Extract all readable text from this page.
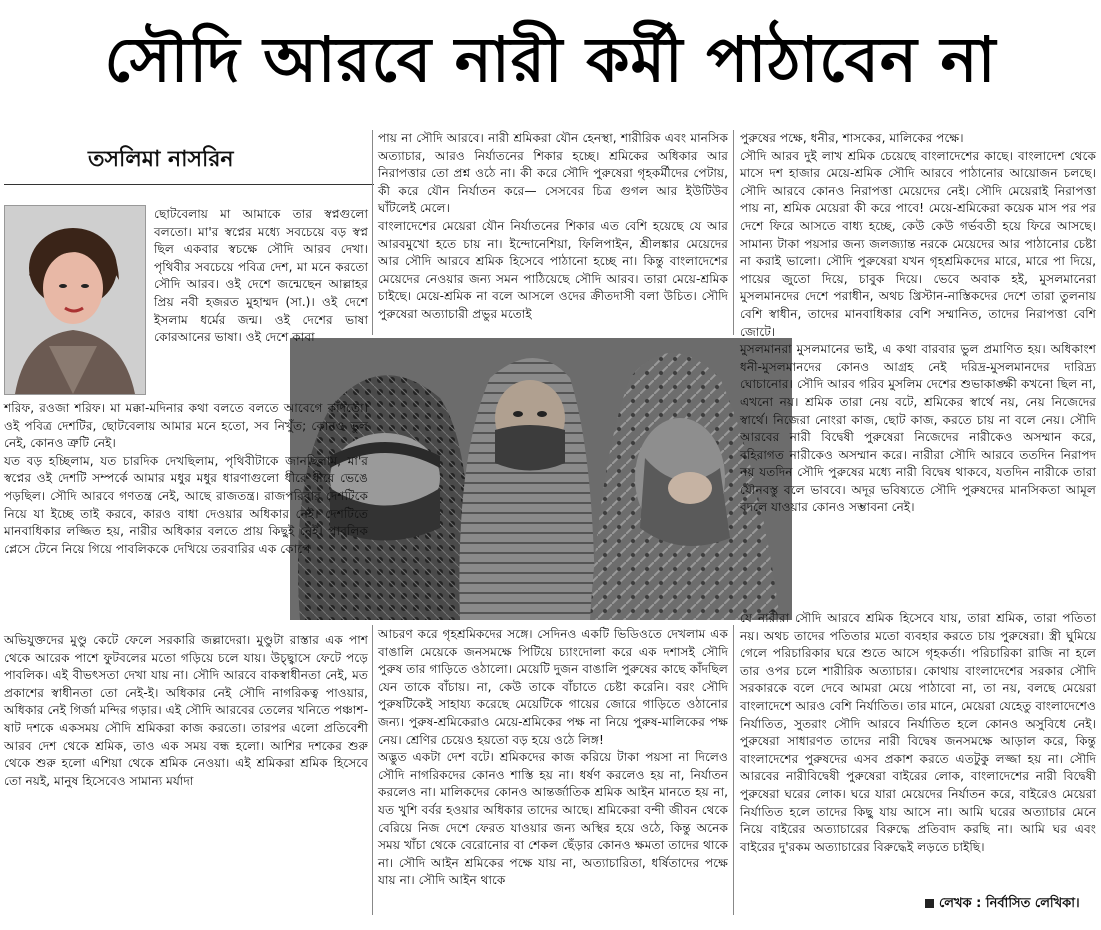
সৌদি আরবে নারী কর্মী পাঠাবেন না
তসলিমা নাসরিন

ছোটবেলায় মা আমাকে তার স্বপ্নগুলো বলতো। মা'র স্বপ্নের মধ্যে সবচেয়ে বড় স্বপ্ন ছিল একবার স্বচক্ষে সৌদি আরব দেখা। পৃথিবীর সবচেয়ে পবিত্র দেশ, মা মনে করতো সৌদি আরব। ওই দেশে জন্মেছেন আল্লাহর প্রিয় নবী হজরত মুহাম্মদ (সা.)। ওই দেশে ইসলাম ধর্মের জন্ম। ওই দেশের ভাষা কোরআনের ভাষা। ওই দেশে কাবা

শরিফ, রওজা শরিফ। মা মক্কা-মদিনার কথা বলতে বলতে আবেগে কাঁদতো। ওই পবিত্র দেশটির, ছোটবেলায় আমার মনে হতো, সব নিখুঁত; কোনও ভুল নেই, কোনও ত্রুটি নেই।

যত বড় হচ্ছিলাম, যত চারদিক দেখছিলাম, পৃথিবীটাকে জানছিলাম, মা'র স্বপ্নের ওই দেশটি সম্পর্কে আমার মধুর মধুর ধারণাগুলো ধীরে ধীরে ভেঙে পড়ছিল। সৌদি আরবে গণতন্ত্র নেই, আছে রাজতন্ত্র। রাজপরিবার দেশটিকে নিয়ে যা ইচ্ছে তাই করবে, কারও বাধা দেওয়ার অধিকার নেই। দেশটিতে মানবাধিকার লজ্জিত হয়, নারীর অধিকার বলতে প্রায় কিছুই নেই। পাবলিক প্লেসে টেনে নিয়ে গিয়ে পাবলিককে দেখিয়ে তরবারির এক কোপে

অভিযুক্তদের মুণ্ডু কেটে ফেলে সরকারি জল্লাদেরা। মুণ্ডুটা রাস্তার এক পাশ থেকে আরেক পাশে ফুটবলের মতো গড়িয়ে চলে যায়। উচ্ছ্বাসে ফেটে পড়ে পাবলিক। এই বীভৎসতা দেখা যায় না। সৌদি আরবে বাকস্বাধীনতা নেই, মত প্রকাশের স্বাধীনতা তো নেই-ই। অধিকার নেই সৌদি নাগরিকত্ব পাওয়ার, অধিকার নেই গির্জা মন্দির গড়ার। এই সৌদি আরবের তেলের খনিতে পঞ্চাশ-ষাট দশকে একসময় সৌদি শ্রমিকরা কাজ করতো। তারপর এলো প্রতিবেশী আরব দেশ থেকে শ্রমিক, তাও এক সময় বন্ধ হলো। আশির দশকের শুরু থেকে শুরু হলো এশিয়া থেকে শ্রমিক নেওয়া। এই শ্রমিকরা শ্রমিক হিসেবে তো নয়ই, মানুষ হিসেবেও সামান্য মর্যাদা

পায় না সৌদি আরবে। নারী শ্রমিকরা যৌন হেনস্থা, শারীরিক এবং মানসিক অত্যাচার, আরও নির্যাতনের শিকার হচ্ছে। শ্রমিকের অধিকার আর নিরাপত্তার তো প্রশ্ন ওঠে না। কী করে সৌদি পুরুষেরা গৃহকর্মীদের পেটায়, কী করে যৌন নির্যাতন করে— সেসবের চিত্র গুগল আর ইউটিউব ঘাঁটলেই মেলে।

বাংলাদেশের মেয়েরা যৌন নির্যাতনের শিকার এত বেশি হয়েছে যে আর আরবমুখো হতে চায় না। ইন্দোনেশিয়া, ফিলিপাইন, শ্রীলঙ্কার মেয়েদের আর সৌদি আরবে শ্রমিক হিসেবে পাঠানো হচ্ছে না। কিন্তু বাংলাদেশের মেয়েদের নেওয়ার জন্য সমন পাঠিয়েছে সৌদি আরব। তারা মেয়ে-শ্রমিক চাইছে। মেয়ে-শ্রমিক না বলে আসলে ওদের ক্রীতদাসী বলা উচিত। সৌদি পুরুষেরা অত্যাচারী প্রভুর মতোই

আচরণ করে গৃহশ্রমিকদের সঙ্গে। সেদিনও একটি ভিডিওতে দেখলাম এক বাঙালি মেয়েকে জনসমক্ষে পিটিয়ে চ্যাংদোলা করে এক দশাসই সৌদি পুরুষ তার গাড়িতে ওঠালো। মেয়েটি দুজন বাঙালি পুরুষের কাছে কাঁদছিল যেন তাকে বাঁচায়। না, কেউ তাকে বাঁচাতে চেষ্টা করেনি। বরং সৌদি পুরুষটিকেই সাহায্য করেছে মেয়েটিকে গায়ের জোরে গাড়িতে ওঠানোর জন্য। পুরুষ-শ্রমিকেরাও মেয়ে-শ্রমিকের পক্ষ না নিয়ে পুরুষ-মালিকের পক্ষ নেয়। শ্রেণির চেয়েও হয়তো বড় হয়ে ওঠে লিঙ্গ!

অদ্ভুত একটা দেশ বটে। শ্রমিকদের কাজ করিয়ে টাকা পয়সা না দিলেও সৌদি নাগরিকদের কোনও শাস্তি হয় না। ধর্ষণ করলেও হয় না, নির্যাতন করলেও না। মালিকদের কোনও আন্তর্জাতিক শ্রমিক আইন মানতে হয় না, যত খুশি বর্বর হওয়ার অধিকার তাদের আছে। শ্রমিকেরা বন্দী জীবন থেকে বেরিয়ে নিজ দেশে ফেরত যাওয়ার জন্য অস্থির হয়ে ওঠে, কিন্তু অনেক সময় খাঁচা থেকে বেরোনোর বা শেকল ছেঁড়ার কোনও ক্ষমতা তাদের থাকে না। সৌদি আইন শ্রমিকের পক্ষে যায় না, অত্যাচারিতা, ধর্ষিতাদের পক্ষে যায় না। সৌদি আইন থাকে

পুরুষের পক্ষে, ধনীর, শাসকের, মালিকের পক্ষে।

সৌদি আরব দুই লাখ শ্রমিক চেয়েছে বাংলাদেশের কাছে। বাংলাদেশ থেকে মাসে দশ হাজার মেয়ে-শ্রমিক সৌদি আরবে পাঠানোর আয়োজন চলছে। সৌদি আরবে কোনও নিরাপত্তা মেয়েদের নেই। সৌদি মেয়েরাই নিরাপত্তা পায় না, শ্রমিক মেয়েরা কী করে পাবে! মেয়ে-শ্রমিকেরা কয়েক মাস পর পর দেশে ফিরে আসতে বাধ্য হচ্ছে, কেউ কেউ গর্ভবতী হয়ে ফিরে আসছে। সামান্য টাকা পয়সার জন্য জলজ্যান্ত নরকে মেয়েদের আর পাঠানোর চেষ্টা না করাই ভালো। সৌদি পুরুষেরা যখন গৃহশ্রমিকদের মারে, মারে পা দিয়ে, পায়ের জুতো দিয়ে, চাবুক দিয়ে। ভেবে অবাক হই, মুসলমানেরা মুসলমানদের দেশে পরাধীন, অথচ খ্রিস্টান-নাস্তিকদের দেশে তারা তুলনায় বেশি স্বাধীন, তাদের মানবাধিকার বেশি সম্মানিত, তাদের নিরাপত্তা বেশি জোটে।

মুসলমানরা মুসলমানের ভাই, এ কথা বারবার ভুল প্রমাণিত হয়। অধিকাংশ ধনী-মুসলমানদের কোনও আগ্রহ নেই দরিদ্র-মুসলমানদের দারিদ্র্য ঘোচানোর। সৌদি আরব গরিব মুসলিম দেশের শুভাকাঙ্ক্ষী কখনো ছিল না, এখনো নয়। শ্রমিক তারা নেয় বটে, শ্রমিকের স্বার্থে নয়, নেয় নিজেদের স্বার্থে। নিজেরা নোংরা কাজ, ছোট কাজ, করতে চায় না বলে নেয়। সৌদি আরবের নারী বিদ্বেষী পুরুষেরা নিজেদের নারীকেও অসম্মান করে, বহিরাগত নারীকেও অসম্মান করে। নারীরা সৌদি আরবে ততদিন নিরাপদ নয় যতদিন সৌদি পুরুষের মধ্যে নারী বিদ্বেষ থাকবে, যতদিন নারীকে তারা যৌনবস্তু বলে ভাববে। অদূর ভবিষ্যতে সৌদি পুরুষদের মানসিকতা আমূল বদলে যাওয়ার কোনও সম্ভাবনা নেই।

যে নারীরা সৌদি আরবে শ্রমিক হিসেবে যায়, তারা শ্রমিক, তারা পতিতা নয়। অথচ তাদের পতিতার মতো ব্যবহার করতে চায় পুরুষেরা। স্ত্রী ঘুমিয়ে গেলে পরিচারিকার ঘরে শুতে আসে গৃহকর্তা। পরিচারিকা রাজি না হলে তার ওপর চলে শারীরিক অত্যাচার। কোথায় বাংলাদেশের সরকার সৌদি সরকারকে বলে দেবে আমরা মেয়ে পাঠাবো না, তা নয়, বলছে মেয়েরা বাংলাদেশে আরও বেশি নির্যাতিত। তার মানে, মেয়েরা যেহেতু বাংলাদেশেও নির্যাতিত, সুতরাং সৌদি আরবে নির্যাতিত হলে কোনও অসুবিধে নেই। পুরুষেরা সাধারণত তাদের নারী বিদ্বেষ জনসমক্ষে আড়াল করে, কিন্তু বাংলাদেশের পুরুষদের এসব প্রকাশ করতে এতটুকু লজ্জা হয় না। সৌদি আরবের নারীবিদ্বেষী পুরুষেরা বাইরের লোক, বাংলাদেশের নারী বিদ্বেষী পুরুষেরা ঘরের লোক। ঘরে যারা মেয়েদের নির্যাতন করে, বাইরেও মেয়েরা নির্যাতিত হলে তাদের কিছু যায় আসে না। আমি ঘরের অত্যাচার মেনে নিয়ে বাইরের অত্যাচারের বিরুদ্ধে প্রতিবাদ করছি না। আমি ঘর এবং বাইরের দু'রকম অত্যাচারের বিরুদ্ধেই লড়তে চাইছি।

লেখক : নির্বাসিত লেখিকা।
